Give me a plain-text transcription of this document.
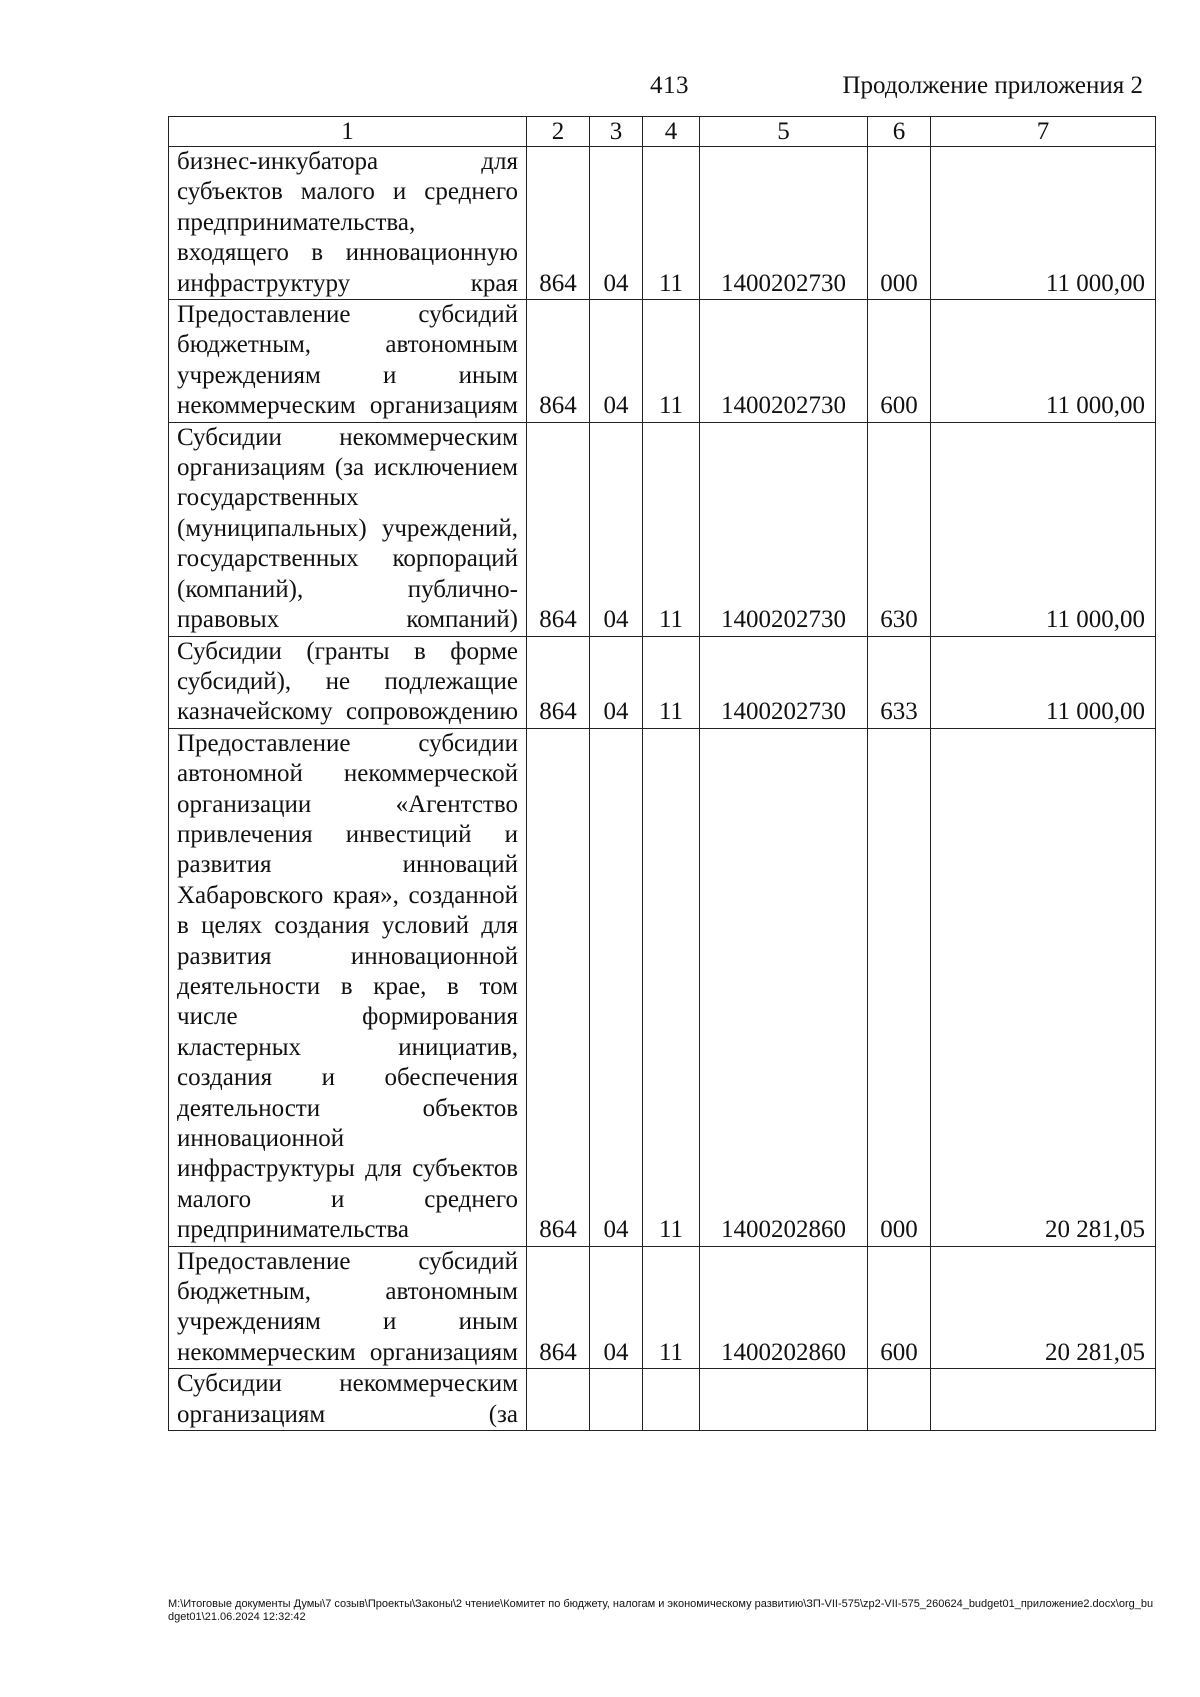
413	Продолжение приложения 2
1	2	3	4	5	6	7

бизнес-инкубатора для субъектов малого и среднего предпринимательства, входящего в инновационную инфраструктуру края	864	04	11	1400202730	000	11 000,00

Предоставление субсидий бюджетным, автономным учреждениям и иным некоммерческим организациям	864	04	11	1400202730	600	11 000,00

Субсидии некоммерческим организациям (за исключением государственных (муниципальных) учреждений, государственных корпораций (компаний), публично-правовых компаний)	864	04	11	1400202730	630	11 000,00

Субсидии (гранты в форме субсидий), не подлежащие казначейскому сопровождению	864	04	11	1400202730	633	11 000,00

Предоставление субсидии автономной некоммерческой организации «Агентство привлечения инвестиций и развития инноваций Хабаровского края», созданной в целях создания условий для развития инновационной деятельности в крае, в том числе формирования кластерных инициатив, создания и обеспечения деятельности объектов инновационной инфраструктуры для субъектов малого и среднего предпринимательства	864	04	11	1400202860	000	20 281,05

Предоставление субсидий бюджетным, автономным учреждениям и иным некоммерческим организациям	864	04	11	1400202860	600	20 281,05

Субсидии некоммерческим организациям (за						

М:\Итоговые документы Думы\7 созыв\Проекты\Законы\2 чтение\Комитет по бюджету, налогам и экономическому развитию\ЗП-VII-575\zp2-VII-575_260624_budget01_приложение2.docx\org_budget01\21.06.2024 12:32:42
